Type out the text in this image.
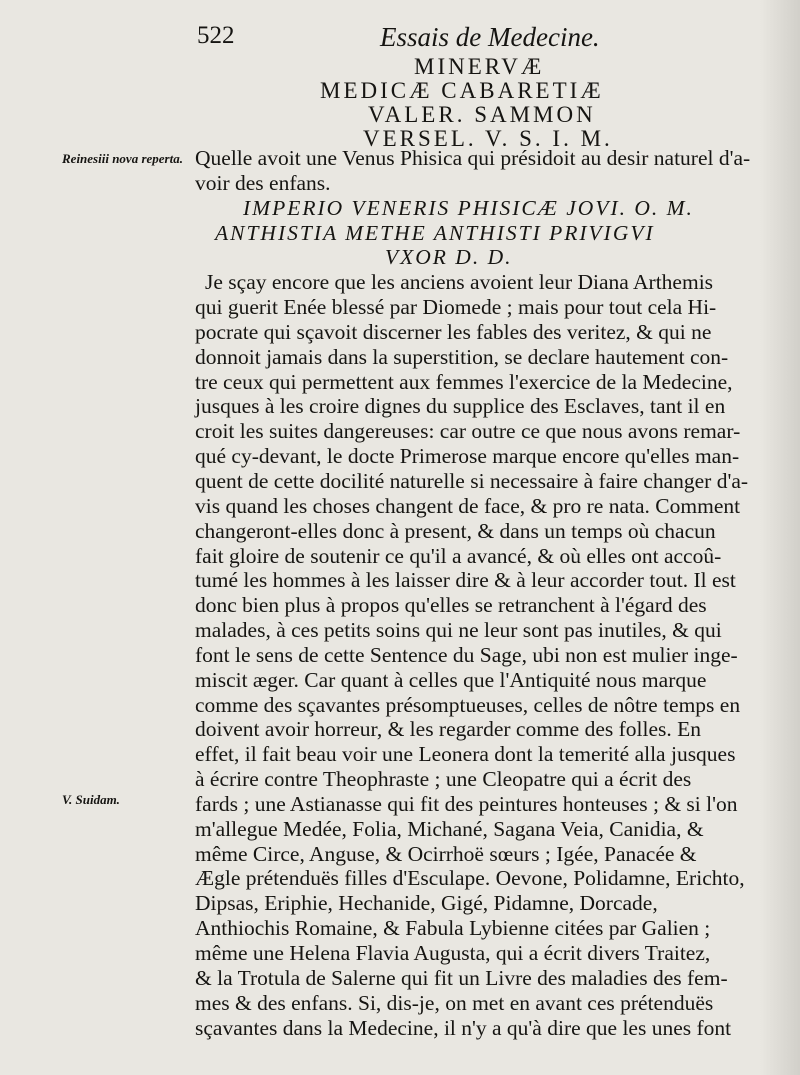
522	Essais de Medecine.
MINERVÆ
MEDICÆ CABARETIÆ
VALER. SAMMON
VERSEL. V. S. I. M.
Reinesiii nova reperta.
V. Suidam.
Quelle avoit une Venus Phisica qui présidoit au desir naturel d'a-
voir des enfans.
IMPERIO VENERIS PHISICÆ JOVI. O. M.
ANTHISTIA METHE ANTHISTI PRIVIGVI
VXOR D. D.
Je sçay encore que les anciens avoient leur Diana Arthemis
qui guerit Enée blessé par Diomede ; mais pour tout cela Hi-
pocrate qui sçavoit discerner les fables des veritez, & qui ne
donnoit jamais dans la superstition, se declare hautement con-
tre ceux qui permettent aux femmes l'exercice de la Medecine,
jusques à les croire dignes du supplice des Esclaves, tant il en
croit les suites dangereuses: car outre ce que nous avons remar-
qué cy-devant, le docte Primerose marque encore qu'elles man-
quent de cette docilité naturelle si necessaire à faire changer d'a-
vis quand les choses changent de face, & pro re nata. Comment
changeront-elles donc à present, & dans un temps où chacun
fait gloire de soutenir ce qu'il a avancé, & où elles ont accoû-
tumé les hommes à les laisser dire & à leur accorder tout. Il est
donc bien plus à propos qu'elles se retranchent à l'égard des
malades, à ces petits soins qui ne leur sont pas inutiles, & qui
font le sens de cette Sentence du Sage, ubi non est mulier inge-
miscit æger. Car quant à celles que l'Antiquité nous marque
comme des sçavantes présomptueuses, celles de nôtre temps en
doivent avoir horreur, & les regarder comme des folles. En
effet, il fait beau voir une Leonera dont la temerité alla jusques
à écrire contre Theophraste ; une Cleopatre qui a écrit des
fards ; une Astianasse qui fit des peintures honteuses ; & si l'on
m'allegue Medée, Folia, Michané, Sagana Veia, Canidia, &
même Circe, Anguse, & Ocirrhoë sœurs ; Igée, Panacée &
Ægle prétenduës filles d'Esculape. Oevone, Polidamne, Erichto,
Dipsas, Eriphie, Hechanide, Gigé, Pidamne, Dorcade,
Anthiochis Romaine, & Fabula Lybienne citées par Galien ;
même une Helena Flavia Augusta, qui a écrit divers Traitez,
& la Trotula de Salerne qui fit un Livre des maladies des fem-
mes & des enfans. Si, dis-je, on met en avant ces prétenduës
sçavantes dans la Medecine, il n'y a qu'à dire que les unes font
